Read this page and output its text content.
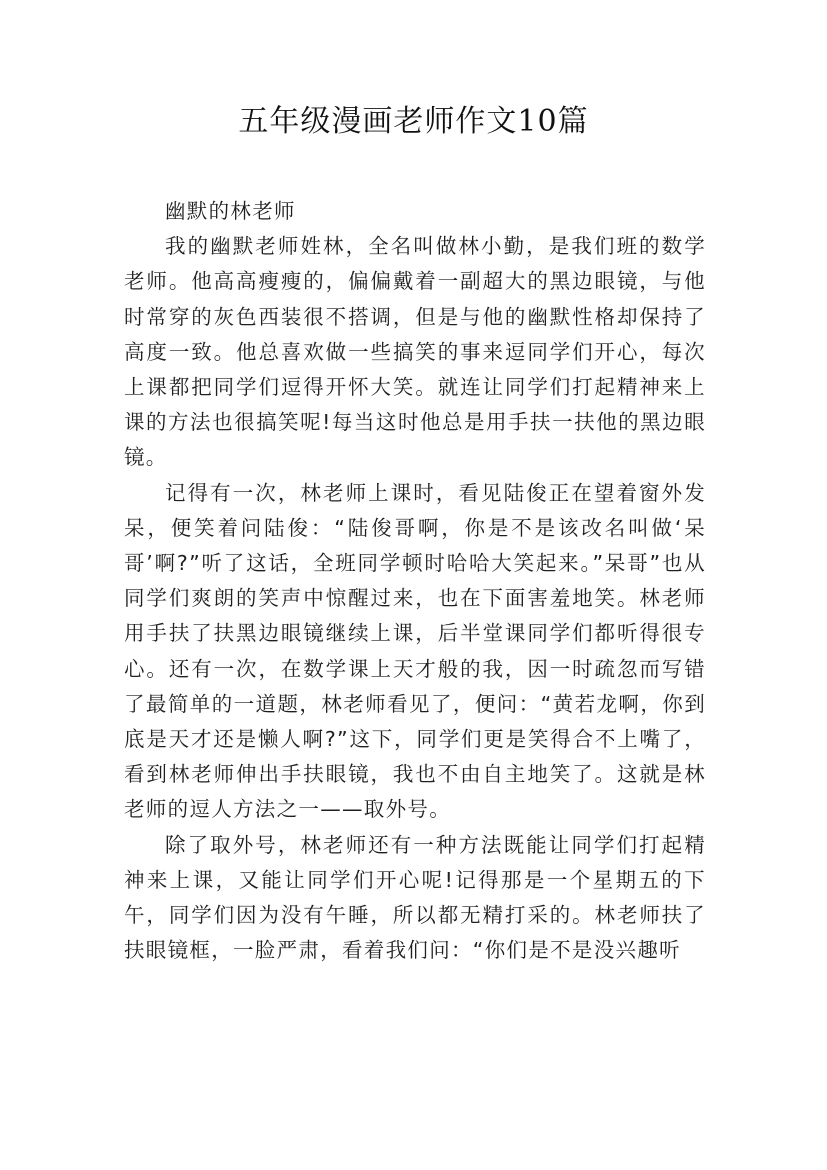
五年级漫画老师作文10篇

幽默的林老师

我的幽默老师姓林，全名叫做林小勤，是我们班的数学老师。他高高瘦瘦的，偏偏戴着一副超大的黑边眼镜，与他时常穿的灰色西装很不搭调，但是与他的幽默性格却保持了高度一致。他总喜欢做一些搞笑的事来逗同学们开心，每次上课都把同学们逗得开怀大笑。就连让同学们打起精神来上课的方法也很搞笑呢!每当这时他总是用手扶一扶他的黑边眼镜。

记得有一次，林老师上课时，看见陆俊正在望着窗外发呆，便笑着问陆俊：“陆俊哥啊，你是不是该改名叫做‘呆哥’啊?”听了这话，全班同学顿时哈哈大笑起来。”呆哥”也从同学们爽朗的笑声中惊醒过来，也在下面害羞地笑。林老师用手扶了扶黑边眼镜继续上课，后半堂课同学们都听得很专心。还有一次，在数学课上天才般的我，因一时疏忽而写错了最简单的一道题，林老师看见了，便问：“黄若龙啊，你到底是天才还是懒人啊?”这下，同学们更是笑得合不上嘴了，看到林老师伸出手扶眼镜，我也不由自主地笑了。这就是林老师的逗人方法之一——取外号。

除了取外号，林老师还有一种方法既能让同学们打起精神来上课，又能让同学们开心呢!记得那是一个星期五的下午，同学们因为没有午睡，所以都无精打采的。林老师扶了扶眼镜框，一脸严肃，看着我们问：“你们是不是没兴趣听
